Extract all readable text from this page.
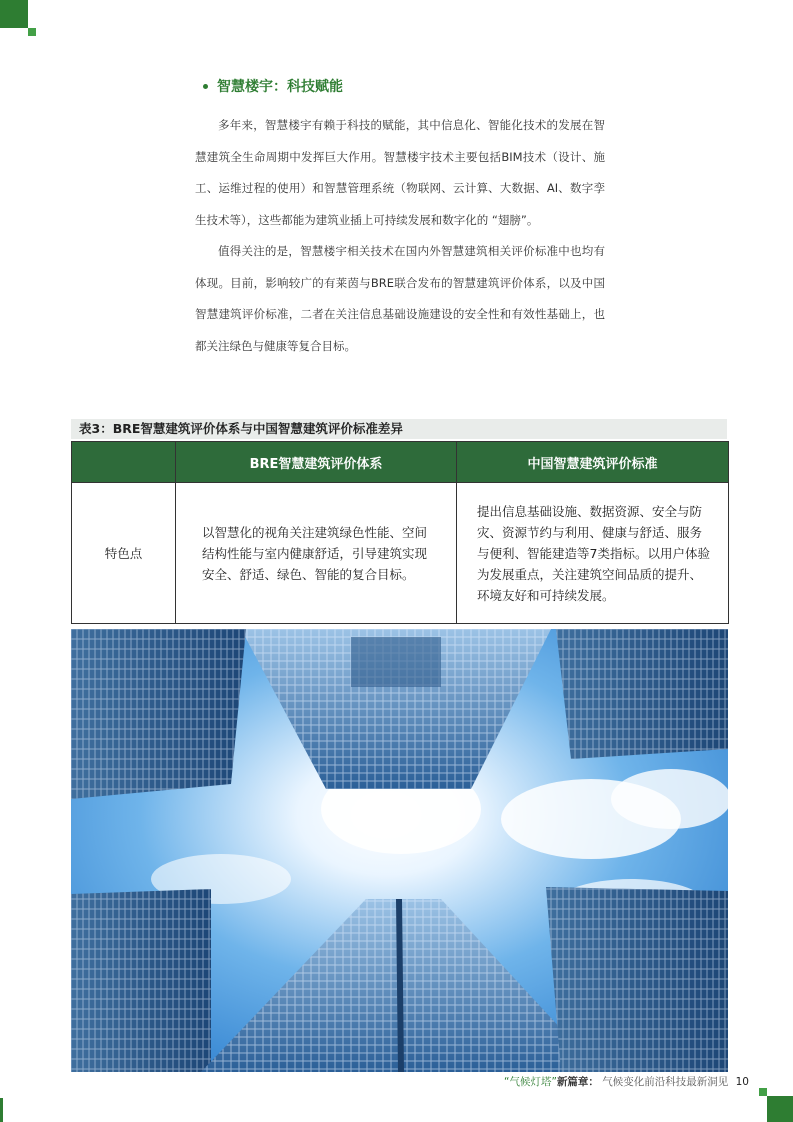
智慧楼宇：科技赋能

多年来，智慧楼宇有赖于科技的赋能，其中信息化、智能化技术的发展在智慧建筑全生命周期中发挥巨大作用。智慧楼宇技术主要包括BIM技术（设计、施工、运维过程的使用）和智慧管理系统（物联网、云计算、大数据、AI、数字孪生技术等），这些都能为建筑业插上可持续发展和数字化的 “翅膀”。

值得关注的是，智慧楼宇相关技术在国内外智慧建筑相关评价标准中也均有体现。目前，影响较广的有莱茵与BRE联合发布的智慧建筑评价体系，以及中国智慧建筑评价标准，二者在关注信息基础设施建设的安全性和有效性基础上，也都关注绿色与健康等复合目标。

表3：BRE智慧建筑评价体系与中国智慧建筑评价标准差异
	BRE智慧建筑评价体系	中国智慧建筑评价标准
特色点	以智慧化的视角关注建筑绿色性能、空间结构性能与室内健康舒适，引导建筑实现安全、舒适、绿色、智能的复合目标。	提出信息基础设施、数据资源、安全与防灾、资源节约与利用、健康与舒适、服务与便利、智能建造等7类指标。以用户体验为发展重点，关注建筑空间品质的提升、环境友好和可持续发展。
“气候灯塔”新篇章： 气候变化前沿科技最新洞见 10
